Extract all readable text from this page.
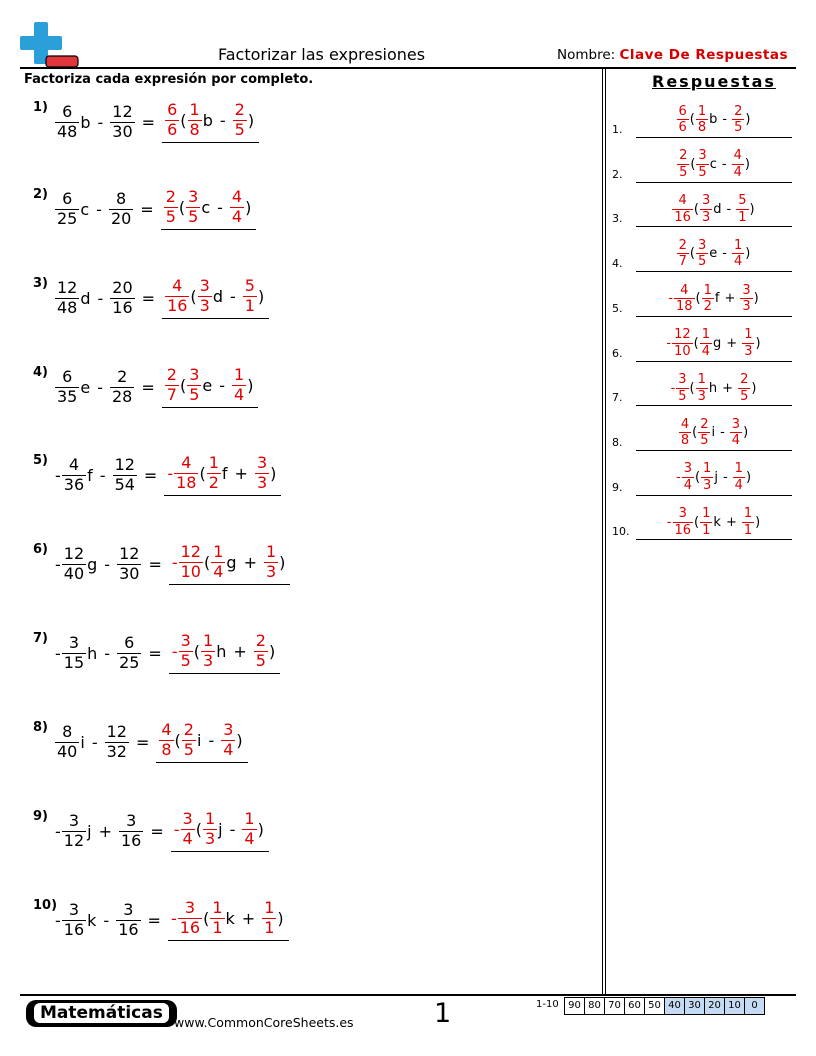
Factorizar las expresiones	Nombre: Clave De Respuestas
Factoriza cada expresión por completo.	Respuestas
1) 6
48 b -
12
30 =
6
6 (
1
8 b -
2
5 )
2) 6
25 c -
8
20 =
2
5 (
3
5 c -
4
4 )
3) 12
48 d -
20
16 =
4
16 (
3
3 d -
5
1 )
4) 6
35 e -
2
28 =
2
7 (
3
5 e -
1
4 )
5)
-
4
36 f -
12
54 = -
4
18 (
1
2 f +
3
3 )
6)
-
12
40 g -
12
30 = -
12
10 (
1
4 g +
1
3 )
7)
-
3
15 h -
6
25 = -
3
5 (
1
3 h +
2
5 )
8) 8
40 i -
12
32 =
4
8 (
2
5 i -
3
4 )
9)
-
3
12 j +
3
16 = -
3
4 (
1
3 j -
1
4 )
10)
-
3
16 k -
3
16 = -
3
16 (
1
1 k +
1
1 )
1.
6
6
(
1
8
b -
2
5
)
2.
2
5
(
3
5
c -
4
4
)
3.
4
16
(
3
3
d -
5
1
)
4.
2
7
(
3
5
e -
1
4
)
5.
-
4
18
(
1
2
f +
3
3
)
6.
-
12
10
(
1
4
g +
1
3
)
7.
-
3
5
(
1
3
h +
2
5
)
8.
4
8
(
2
5
i -
3
4
)
9.
-
3
4
(
1
3
j -
1
4
)
10.
-
3
16
(
1
1
k +
1
1
)
Matemáticas www.CommonCoreSheets.es	1	1-10 90 80 70 60 50 40 30 20 10	0
